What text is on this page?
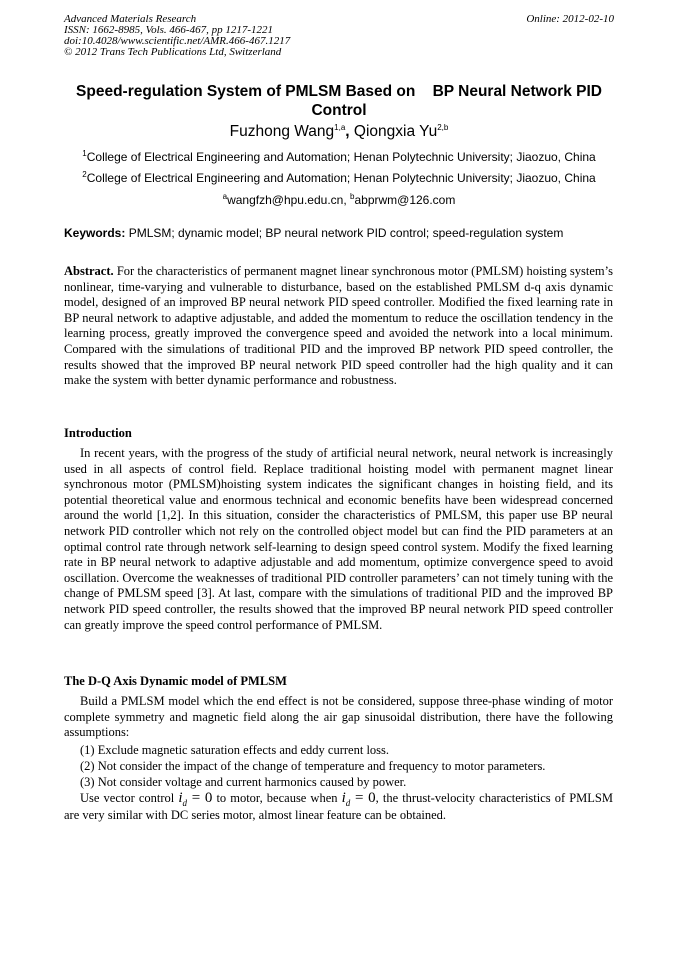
Advanced Materials Research
ISSN: 1662-8985, Vols. 466-467, pp 1217-1221
doi:10.4028/www.scientific.net/AMR.466-467.1217
© 2012 Trans Tech Publications Ltd, Switzerland
Online: 2012-02-10
Speed-regulation System of PMLSM Based on    BP Neural Network PID Control
Fuzhong Wang$^{1,a}$, Qiongxia Yu$^{2,b}$
$^1$College of Electrical Engineering and Automation; Henan Polytechnic University; Jiaozuo, China
$^2$College of Electrical Engineering and Automation; Henan Polytechnic University; Jiaozuo, China
$^a$wangfzh@hpu.edu.cn, $^b$abprwm@126.com
Keywords: PMLSM; dynamic model; BP neural network PID control; speed-regulation system
Abstract. For the characteristics of permanent magnet linear synchronous motor (PMLSM) hoisting system’s nonlinear, time-varying and vulnerable to disturbance, based on the established PMLSM d-q axis dynamic model, designed of an improved BP neural network PID speed controller. Modified the fixed learning rate in BP neural network to adaptive adjustable, and added the momentum to reduce the oscillation tendency in the learning process, greatly improved the convergence speed and avoided the network into a local minimum. Compared with the simulations of traditional PID and the improved BP network PID speed controller, the results showed that the improved BP neural network PID speed controller had the high quality and it can make the system with better dynamic performance and robustness.
Introduction
In recent years, with the progress of the study of artificial neural network, neural network is increasingly used in all aspects of control field. Replace traditional hoisting model with permanent magnet linear synchronous motor (PMLSM)hoisting system indicates the significant changes in hoisting field, and its potential theoretical value and enormous technical and economic benefits have been widespread concerned around the world [1,2]. In this situation, consider the characteristics of PMLSM, this paper use BP neural network PID controller which not rely on the controlled object model but can find the PID parameters at an optimal control rate through network self-learning to design speed control system. Modify the fixed learning rate in BP neural network to adaptive adjustable and add momentum, optimize convergence speed to avoid oscillation. Overcome the weaknesses of traditional PID controller parameters’ can not timely tuning with the change of PMLSM speed [3]. At last, compare with the simulations of traditional PID and the improved BP network PID speed controller, the results showed that the improved BP neural network PID speed controller can greatly improve the speed control performance of PMLSM.
The D-Q Axis Dynamic model of PMLSM
Build a PMLSM model which the end effect is not be considered, suppose three-phase winding of motor complete symmetry and magnetic field along the air gap sinusoidal distribution, there have the following assumptions:
(1) Exclude magnetic saturation effects and eddy current loss.
(2) Not consider the impact of the change of temperature and frequency to motor parameters.
(3) Not consider voltage and current harmonics caused by power.
Use vector control $i_d = 0$ to motor, because when $i_d = 0$, the thrust-velocity characteristics of PMLSM are very similar with DC series motor, almost linear feature can be obtained.
